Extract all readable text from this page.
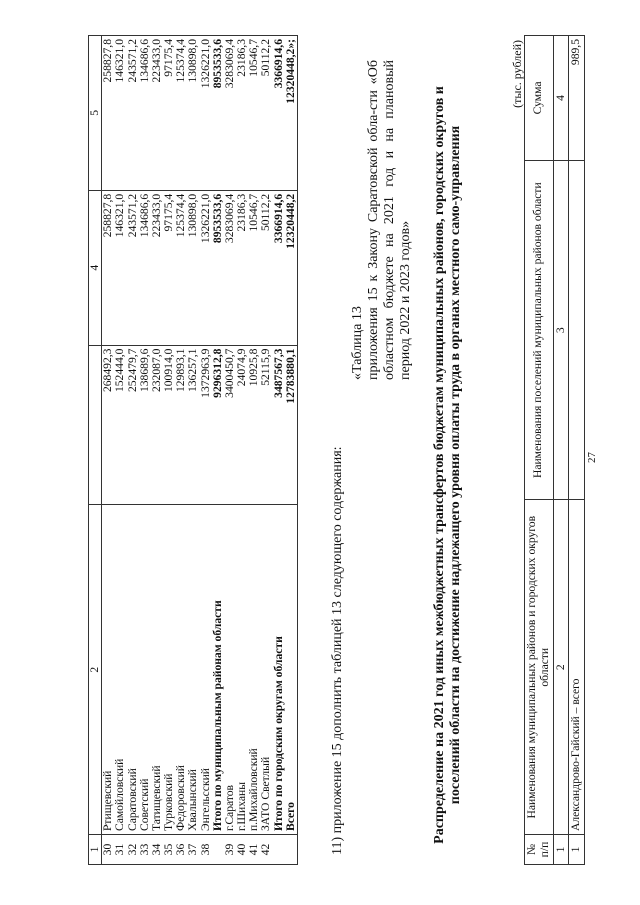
27
1	2		4	5
30	Ртищевский	268492,3	258827,8	258827,8
31	Самойловский	152444,0	146321,0	146321,0
32	Саратовский	252479,7	243571,2	243571,2
33	Советский	138689,6	134686,6	134686,6
34	Татищевский	232087,0	223433,0	223433,0
35	Турковский	100914,0	97175,4	97175,4
36	Федоровский	129893,1	125374,4	125374,4
37	Хвалынский	136257,1	130898,0	130898,0
38	Энгельсский	1372963,9	1326221,0	1326221,0
	Итого по муниципальным районам области	9296312,8	8953533,6	8953533,6
39	г.Саратов	3400450,7	3283069,4	3283069,4
40	г.Шиханы	24074,9	23186,3	23186,3
41	п.Михайловский	10925,8	10546,7	10546,7
42	ЗАТО Светлый	52115,9	50112,2	50112,2
	Итого по городским округам области	3487567,3	3366914,6	3366914,6
	Всего	12783880,1	12320448,2	12320448,2»;
11) приложение 15 дополнить таблицей 13 следующего содержания:
«Таблица 13 приложения 15 к Закону Саратовской обла-сти «Об областном бюджете на 2021 год и на плановый период 2022 и 2023 годов» Распределение на 2021 год иных межбюджетных трансфертов бюджетам муниципальных районов, городских округов и поселений области на достижение надлежащего уровня оплаты труда в органах местного само-управления
(тыс. рублей)
№ п/п	Наименования муниципальных районов и городских округов области	Наименования поселений муниципальных районов области	Сумма
1	2	3	4
1	Александрово-Гайский – всего		989,5
